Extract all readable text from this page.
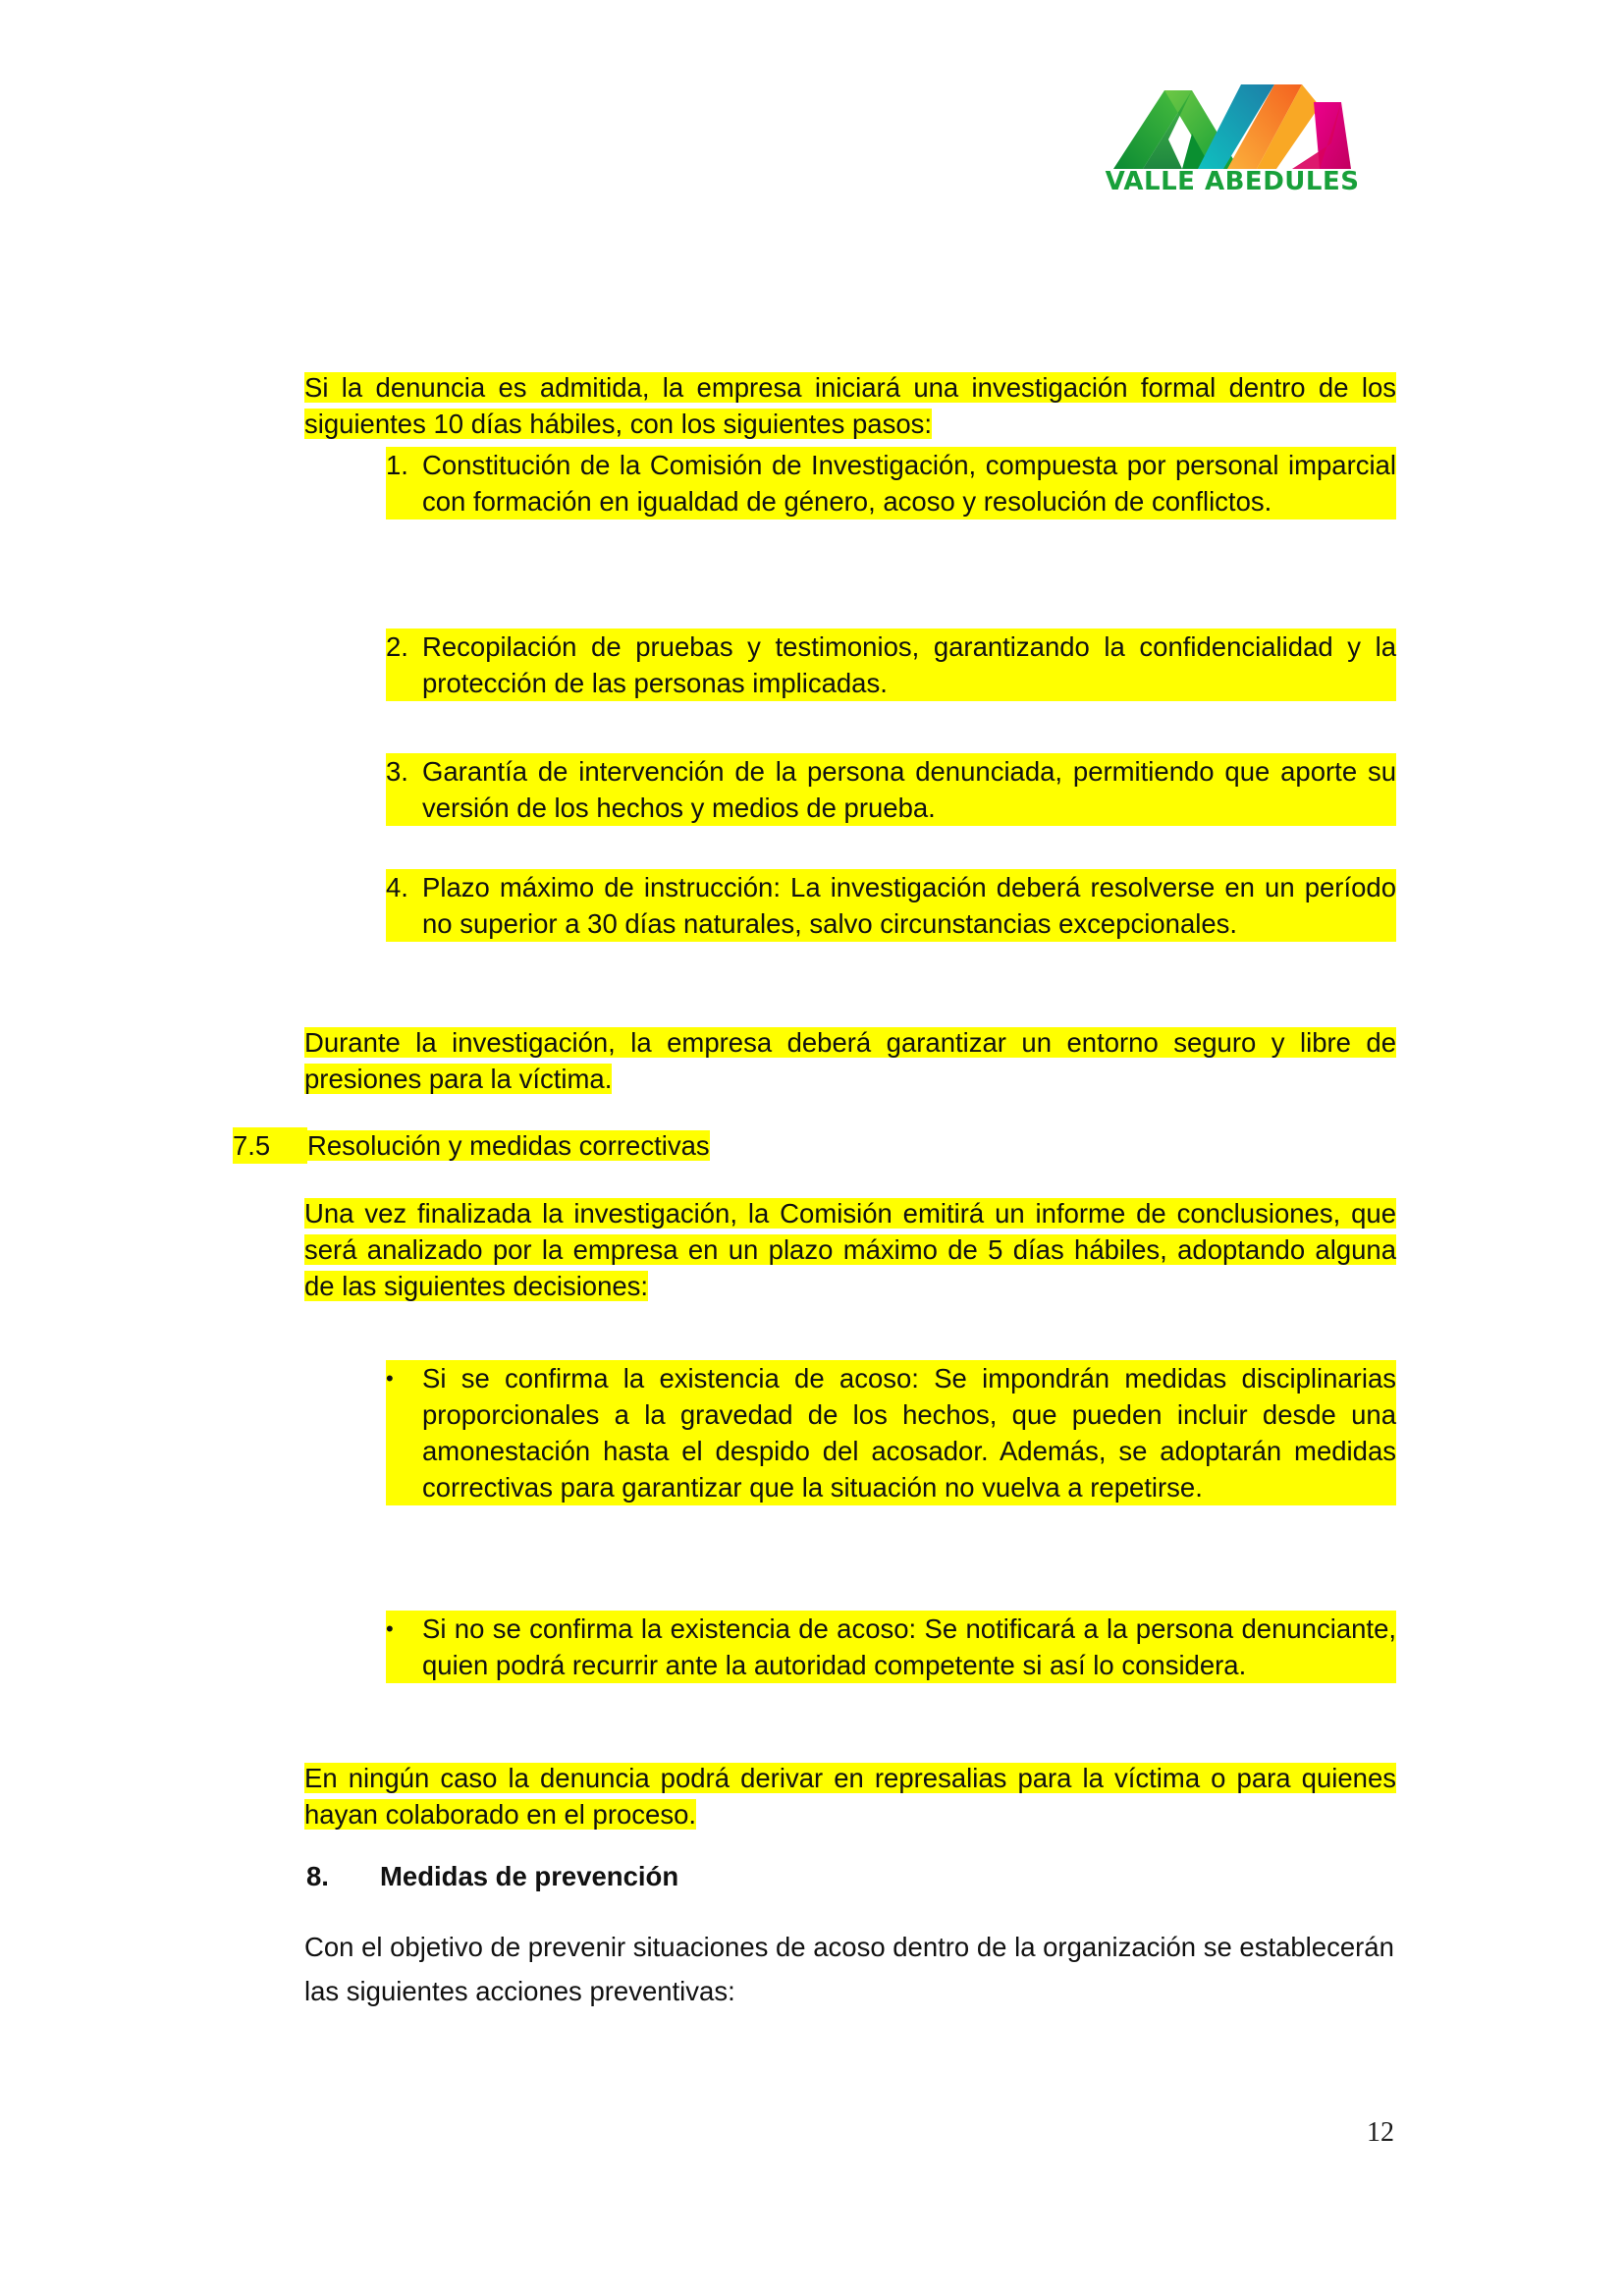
VALLE ABEDULES
Si la denuncia es admitida, la empresa iniciará una investigación formal dentro de los siguientes 10 días hábiles, con los siguientes pasos:
1. Constitución de la Comisión de Investigación, compuesta por personal imparcial con formación en igualdad de género, acoso y resolución de conflictos.
2. Recopilación de pruebas y testimonios, garantizando la confidencialidad y la protección de las personas implicadas.
3. Garantía de intervención de la persona denunciada, permitiendo que aporte su versión de los hechos y medios de prueba.
4. Plazo máximo de instrucción: La investigación deberá resolverse en un período no superior a 30 días naturales, salvo circunstancias excepcionales.
Durante la investigación, la empresa deberá garantizar un entorno seguro y libre de presiones para la víctima.
7.5	Resolución y medidas correctivas
Una vez finalizada la investigación, la Comisión emitirá un informe de conclusiones, que será analizado por la empresa en un plazo máximo de 5 días hábiles, adoptando alguna de las siguientes decisiones:
•	Si se confirma la existencia de acoso: Se impondrán medidas disciplinarias proporcionales a la gravedad de los hechos, que pueden incluir desde una amonestación hasta el despido del acosador. Además, se adoptarán medidas correctivas para garantizar que la situación no vuelva a repetirse.
•	Si no se confirma la existencia de acoso: Se notificará a la persona denunciante, quien podrá recurrir ante la autoridad competente si así lo considera.
En ningún caso la denuncia podrá derivar en represalias para la víctima o para quienes hayan colaborado en el proceso.
8.	Medidas de prevención
Con el objetivo de prevenir situaciones de acoso dentro de la organización se establecerán las siguientes acciones preventivas:
12
